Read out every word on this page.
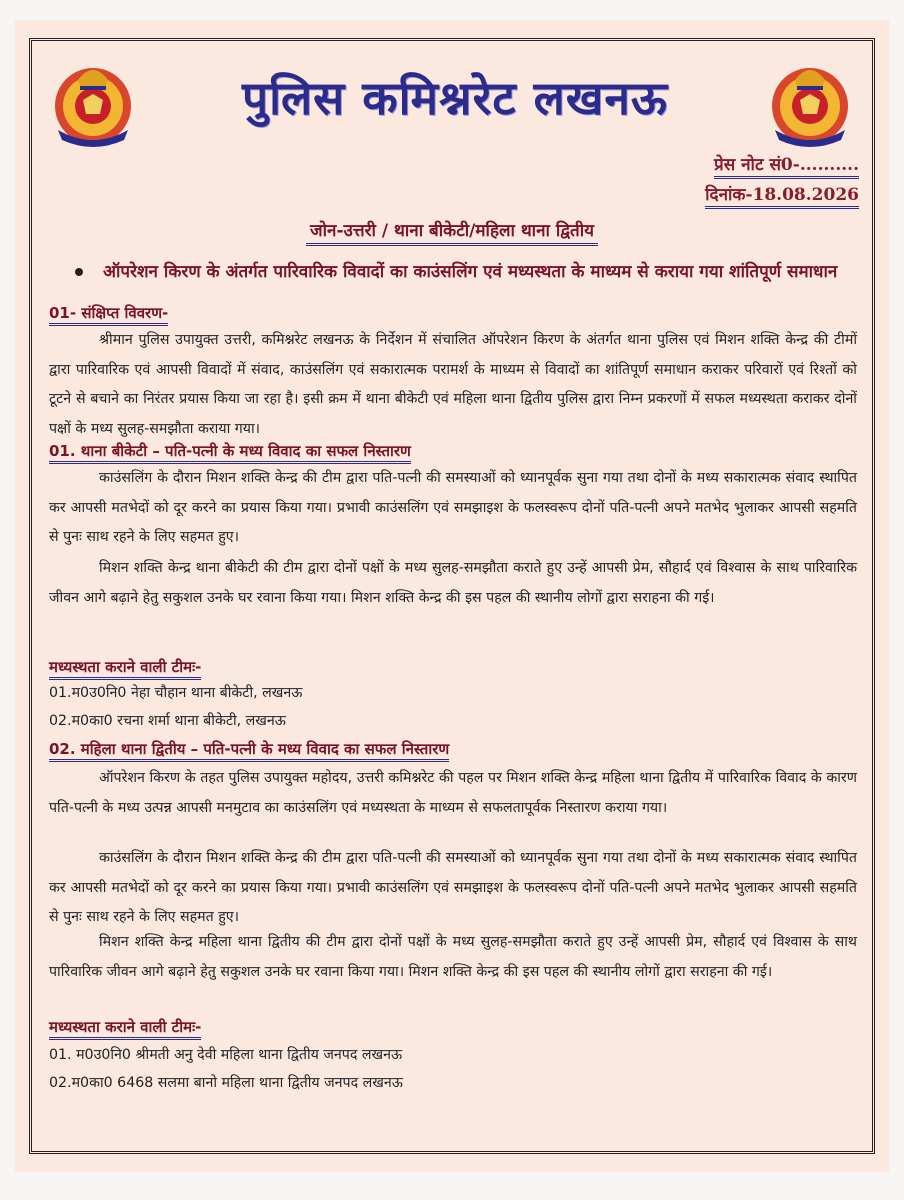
पुलिस कमिश्नरेट लखनऊ
प्रेस नोट सं0-..........
दिनांक-18.08.2026
जोन-उत्तरी / थाना बीकेटी/महिला थाना द्वितीय
ऑपरेशन किरण के अंतर्गत पारिवारिक विवादों का काउंसलिंग एवं मध्यस्थता के माध्यम से कराया गया शांतिपूर्ण समाधान
01- संक्षिप्त विवरण-
श्रीमान पुलिस उपायुक्त उत्तरी, कमिश्नरेट लखनऊ के निर्देशन में संचालित ऑपरेशन किरण के अंतर्गत थाना पुलिस एवं मिशन शक्ति केन्द्र की टीमों द्वारा पारिवारिक एवं आपसी विवादों में संवाद, काउंसलिंग एवं सकारात्मक परामर्श के माध्यम से विवादों का शांतिपूर्ण समाधान कराकर परिवारों एवं रिश्तों को टूटने से बचाने का निरंतर प्रयास किया जा रहा है। इसी क्रम में थाना बीकेटी एवं महिला थाना द्वितीय पुलिस द्वारा निम्न प्रकरणों में सफल मध्यस्थता कराकर दोनों पक्षों के मध्य सुलह-समझौता कराया गया।
01. थाना बीकेटी – पति-पत्नी के मध्य विवाद का सफल निस्तारण
काउंसलिंग के दौरान मिशन शक्ति केन्द्र की टीम द्वारा पति-पत्नी की समस्याओं को ध्यानपूर्वक सुना गया तथा दोनों के मध्य सकारात्मक संवाद स्थापित कर आपसी मतभेदों को दूर करने का प्रयास किया गया। प्रभावी काउंसलिंग एवं समझाइश के फलस्वरूप दोनों पति-पत्नी अपने मतभेद भुलाकर आपसी सहमति से पुनः साथ रहने के लिए सहमत हुए।
मिशन शक्ति केन्द्र थाना बीकेटी की टीम द्वारा दोनों पक्षों के मध्य सुलह-समझौता कराते हुए उन्हें आपसी प्रेम, सौहार्द एवं विश्वास के साथ पारिवारिक जीवन आगे बढ़ाने हेतु सकुशल उनके घर रवाना किया गया। मिशन शक्ति केन्द्र की इस पहल की स्थानीय लोगों द्वारा सराहना की गई।
मध्यस्थता कराने वाली टीमः-
01.म0उ0नि0 नेहा चौहान थाना बीकेटी, लखनऊ
02.म0का0 रचना शर्मा थाना बीकेटी, लखनऊ
02. महिला थाना द्वितीय – पति-पत्नी के मध्य विवाद का सफल निस्तारण
ऑपरेशन किरण के तहत पुलिस उपायुक्त महोदय, उत्तरी कमिश्नरेट की पहल पर मिशन शक्ति केन्द्र महिला थाना द्वितीय में पारिवारिक विवाद के कारण पति-पत्नी के मध्य उत्पन्न आपसी मनमुटाव का काउंसलिंग एवं मध्यस्थता के माध्यम से सफलतापूर्वक निस्तारण कराया गया।
काउंसलिंग के दौरान मिशन शक्ति केन्द्र की टीम द्वारा पति-पत्नी की समस्याओं को ध्यानपूर्वक सुना गया तथा दोनों के मध्य सकारात्मक संवाद स्थापित कर आपसी मतभेदों को दूर करने का प्रयास किया गया। प्रभावी काउंसलिंग एवं समझाइश के फलस्वरूप दोनों पति-पत्नी अपने मतभेद भुलाकर आपसी सहमति से पुनः साथ रहने के लिए सहमत हुए।
मिशन शक्ति केन्द्र महिला थाना द्वितीय की टीम द्वारा दोनों पक्षों के मध्य सुलह-समझौता कराते हुए उन्हें आपसी प्रेम, सौहार्द एवं विश्वास के साथ पारिवारिक जीवन आगे बढ़ाने हेतु सकुशल उनके घर रवाना किया गया। मिशन शक्ति केन्द्र की इस पहल की स्थानीय लोगों द्वारा सराहना की गई।
मध्यस्थता कराने वाली टीमः-
01. म0उ0नि0 श्रीमती अनु देवी महिला थाना द्वितीय जनपद लखनऊ
02.म0का0 6468 सलमा बानो महिला थाना द्वितीय जनपद लखनऊ
